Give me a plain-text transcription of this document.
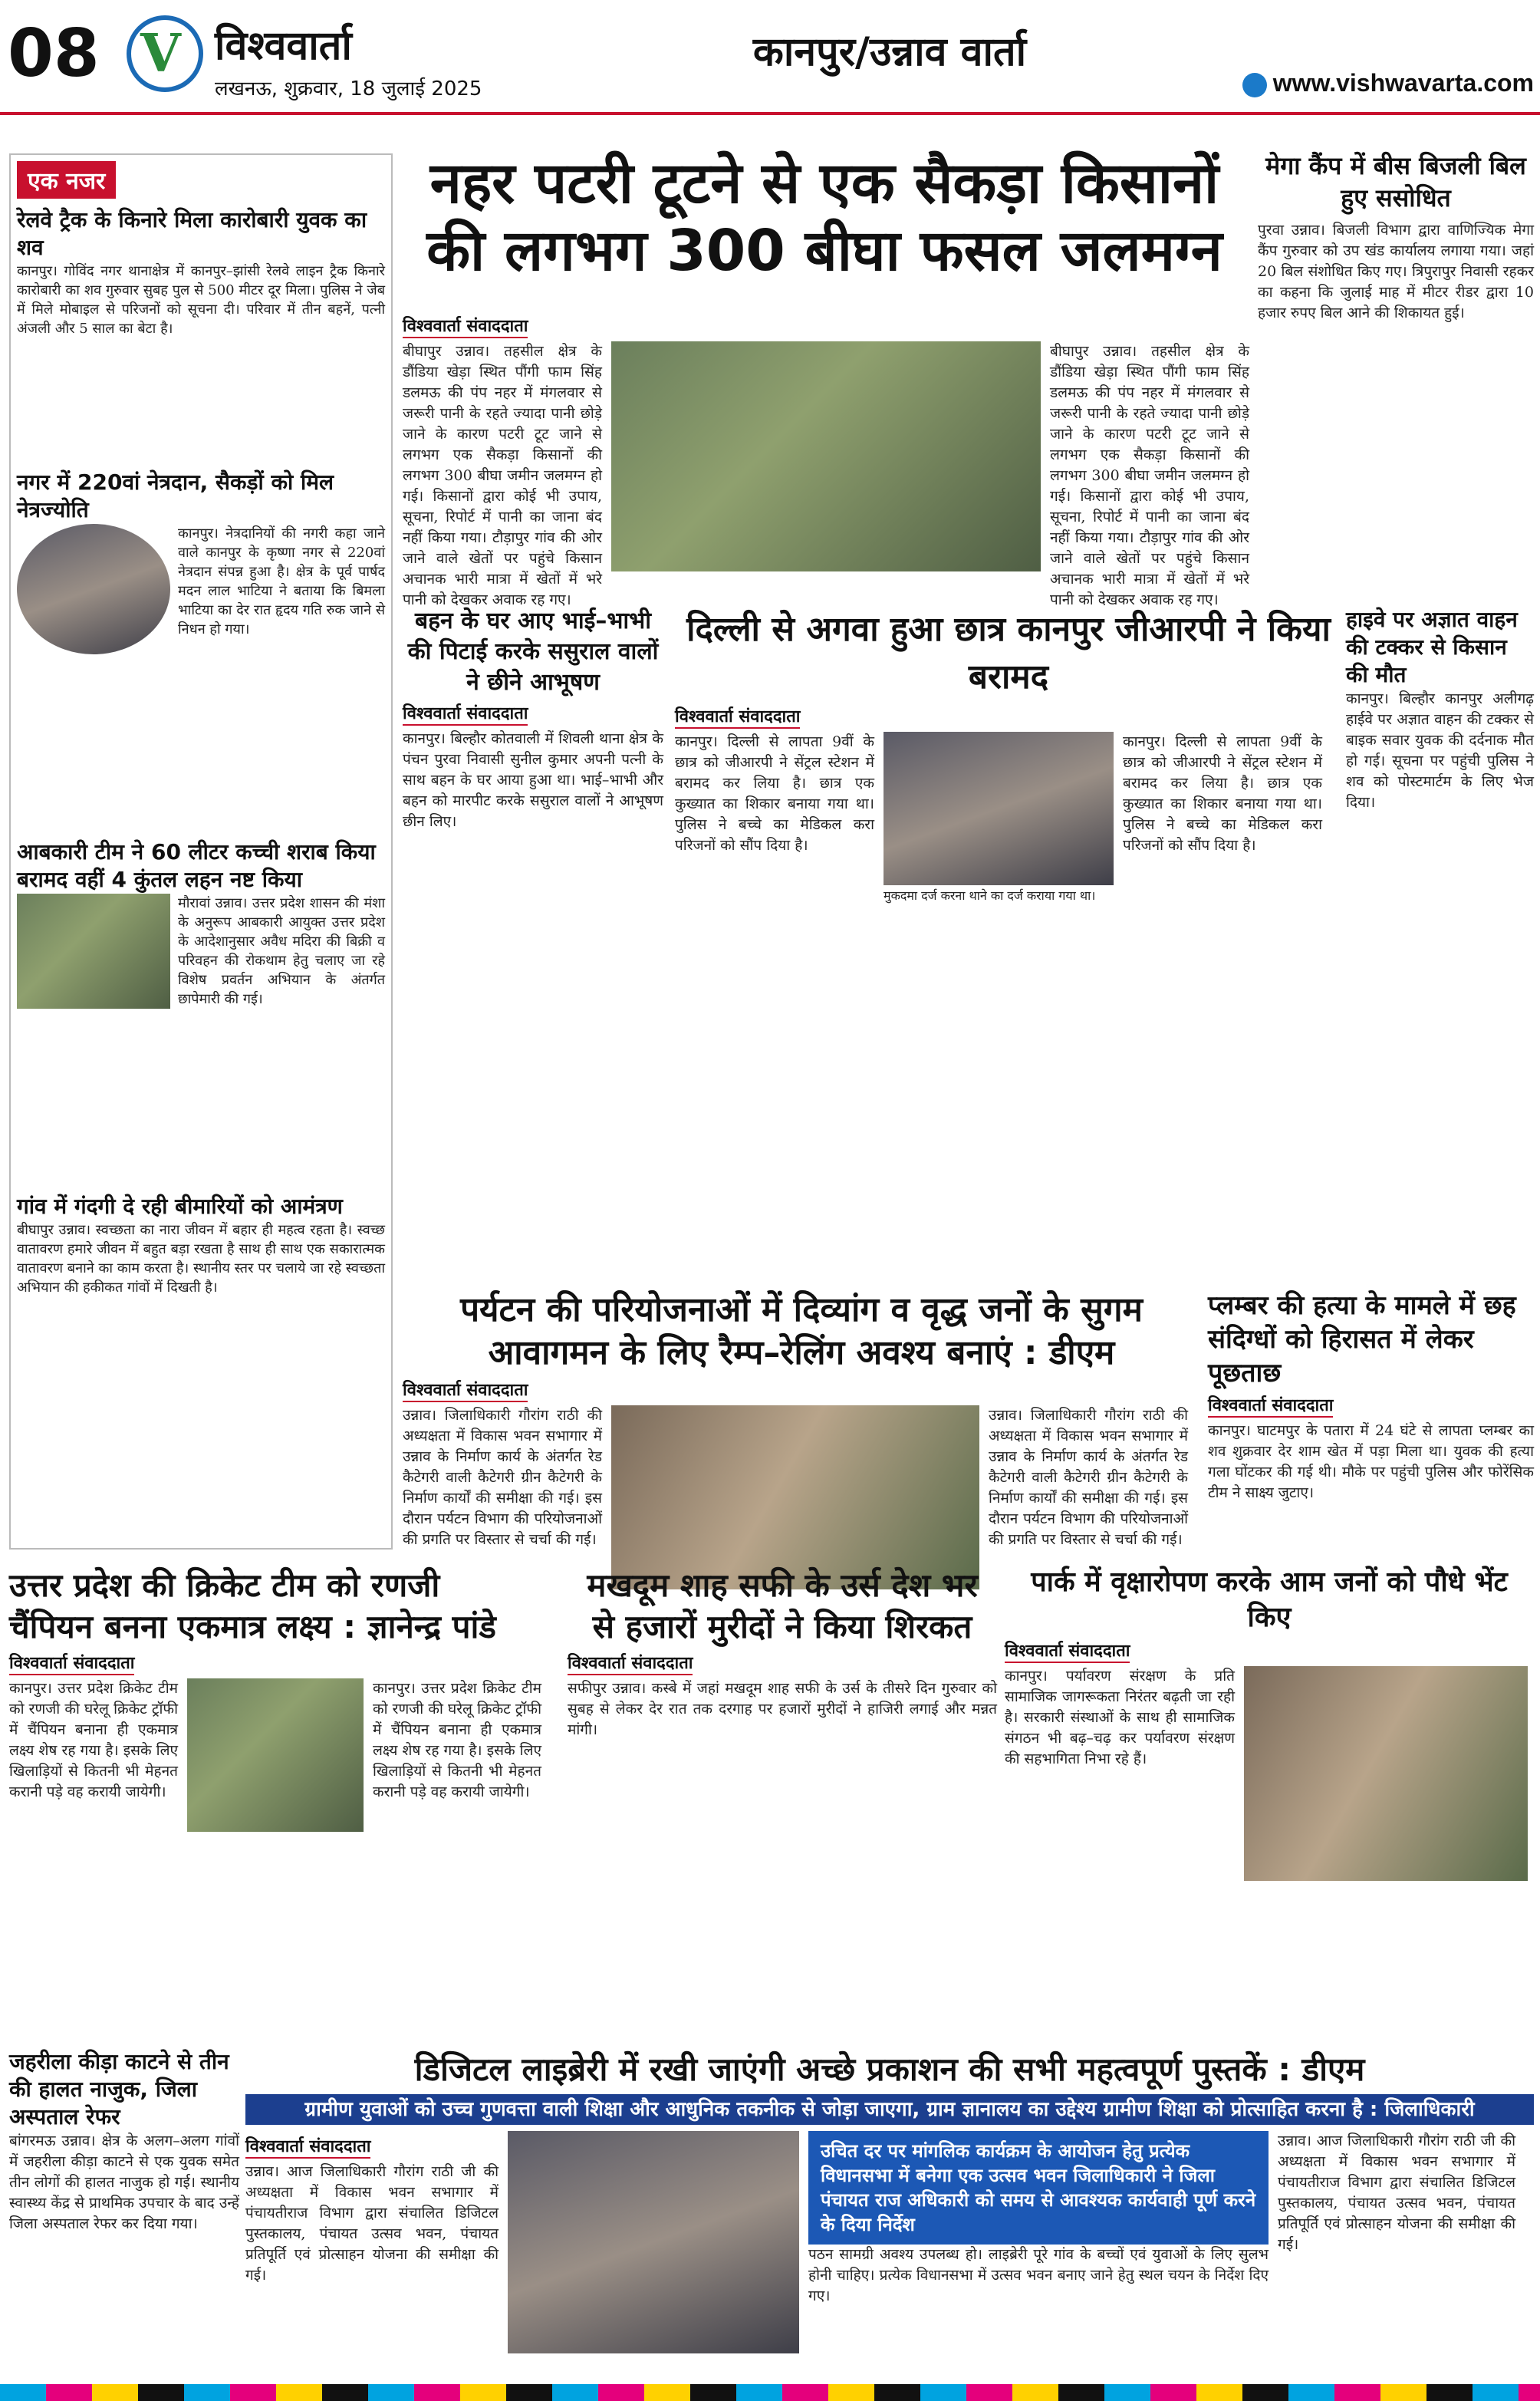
08 V विश्ववार्ता
लखनऊ, शुक्रवार, 18 जुलाई 2025
कानपुर/उन्नाव वार्ता
www.vishwavarta.com
एक नजर
रेलवे ट्रैक के किनारे मिला कारोबारी युवक का शव
कानपुर। गोविंद नगर थानाक्षेत्र में कानपुर–झांसी रेलवे लाइन ट्रैक किनारे कारोबारी का शव गुरुवार सुबह पुल से 500 मीटर दूर मिला। पुलिस ने जेब में मिले मोबाइल से परिजनों को सूचना दी। परिवार में तीन बहनें, पत्नी अंजली और 5 साल का बेटा है।
नगर में 220वां नेत्रदान, सैकड़ों को मिल नेत्रज्योति
कानपुर। नेत्रदानियों की नगरी कहा जाने वाले कानपुर के कृष्णा नगर से 220वां नेत्रदान संपन्न हुआ है। क्षेत्र के पूर्व पार्षद मदन लाल भाटिया ने बताया कि बिमला भाटिया का देर रात हृदय गति रुक जाने से निधन हो गया।
आबकारी टीम ने 60 लीटर कच्ची शराब किया बरामद वहीं 4 कुंतल लहन नष्ट किया
मौरावां उन्नाव। उत्तर प्रदेश शासन की मंशा के अनुरूप आबकारी आयुक्त उत्तर प्रदेश के आदेशानुसार अवैध मदिरा की बिक्री व परिवहन की रोकथाम हेतु चलाए जा रहे विशेष प्रवर्तन अभियान के अंतर्गत छापेमारी की गई।
गांव में गंदगी दे रही बीमारियों को आमंत्रण
बीघापुर उन्नाव। स्वच्छता का नारा जीवन में बहार ही महत्व रहता है। स्वच्छ वातावरण हमारे जीवन में बहुत बड़ा रखता है साथ ही साथ एक सकारात्मक वातावरण बनाने का काम करता है। स्थानीय स्तर पर चलाये जा रहे स्वच्छता अभियान की हकीकत गांवों में दिखती है।
नहर पटरी टूटने से एक सैकड़ा किसानों
की लगभग 300 बीघा फसल जलमग्न
विश्ववार्ता संवाददाता
बीघापुर उन्नाव। तहसील क्षेत्र के डौंडिया खेड़ा स्थित पौंगी फाम सिंह डलमऊ की पंप नहर में मंगलवार से जरूरी पानी के रहते ज्यादा पानी छोड़े जाने के कारण पटरी टूट जाने से लगभग एक सैकड़ा किसानों की लगभग 300 बीघा जमीन जलमग्न हो गई। किसानों द्वारा कोई भी उपाय, सूचना, रिपोर्ट में पानी का जाना बंद नहीं किया गया। टौड़ापुर गांव की ओर जाने वाले खेतों पर पहुंचे किसान अचानक भारी मात्रा में खेतों में भरे पानी को देखकर अवाक रह गए।
बीघापुर उन्नाव। तहसील क्षेत्र के डौंडिया खेड़ा स्थित पौंगी फाम सिंह डलमऊ की पंप नहर में मंगलवार से जरूरी पानी के रहते ज्यादा पानी छोड़े जाने के कारण पटरी टूट जाने से लगभग एक सैकड़ा किसानों की लगभग 300 बीघा जमीन जलमग्न हो गई। किसानों द्वारा कोई भी उपाय, सूचना, रिपोर्ट में पानी का जाना बंद नहीं किया गया। टौड़ापुर गांव की ओर जाने वाले खेतों पर पहुंचे किसान अचानक भारी मात्रा में खेतों में भरे पानी को देखकर अवाक रह गए।
मेगा कैंप में बीस बिजली बिल हुए ससोधित
पुरवा उन्नाव। बिजली विभाग द्वारा वाणिज्यिक मेगा कैंप गुरुवार को उप खंड कार्यालय लगाया गया। जहां 20 बिल संशोधित किए गए। त्रिपुरापुर निवासी रहकर का कहना कि जुलाई माह में मीटर रीडर द्वारा 10 हजार रुपए बिल आने की शिकायत हुई।
बहन के घर आए भाई–भाभी की पिटाई करके ससुराल वालों ने छीने आभूषण
विश्ववार्ता संवाददाता
कानपुर। बिल्हौर कोतवाली में शिवली थाना क्षेत्र के पंचन पुरवा निवासी सुनील कुमार अपनी पत्नी के साथ बहन के घर आया हुआ था। भाई–भाभी और बहन को मारपीट करके ससुराल वालों ने आभूषण छीन लिए।
दिल्ली से अगवा हुआ छात्र कानपुर जीआरपी ने किया बरामद
विश्ववार्ता संवाददाता
कानपुर। दिल्ली से लापता 9वीं के छात्र को जीआरपी ने सेंट्रल स्टेशन में बरामद कर लिया है। छात्र एक कुख्यात का शिकार बनाया गया था। पुलिस ने बच्चे का मेडिकल करा परिजनों को सौंप दिया है।
मुकदमा दर्ज करना थाने का दर्ज कराया गया था।
कानपुर। दिल्ली से लापता 9वीं के छात्र को जीआरपी ने सेंट्रल स्टेशन में बरामद कर लिया है। छात्र एक कुख्यात का शिकार बनाया गया था। पुलिस ने बच्चे का मेडिकल करा परिजनों को सौंप दिया है।
हाइवे पर अज्ञात वाहन की टक्कर से किसान की मौत
कानपुर। बिल्हौर कानपुर अलीगढ़ हाईवे पर अज्ञात वाहन की टक्कर से बाइक सवार युवक की दर्दनाक मौत हो गई। सूचना पर पहुंची पुलिस ने शव को पोस्टमार्टम के लिए भेज दिया।
पर्यटन की परियोजनाओं में दिव्यांग व वृद्ध जनों के सुगम
आवागमन के लिए रैम्प–रेलिंग अवश्य बनाएं : डीएम
विश्ववार्ता संवाददाता
उन्नाव। जिलाधिकारी गौरांग राठी की अध्यक्षता में विकास भवन सभागार में उन्नाव के निर्माण कार्य के अंतर्गत रेड कैटेगरी वाली कैटेगरी ग्रीन कैटेगरी के निर्माण कार्यों की समीक्षा की गई। इस दौरान पर्यटन विभाग की परियोजनाओं की प्रगति पर विस्तार से चर्चा की गई।
उन्नाव। जिलाधिकारी गौरांग राठी की अध्यक्षता में विकास भवन सभागार में उन्नाव के निर्माण कार्य के अंतर्गत रेड कैटेगरी वाली कैटेगरी ग्रीन कैटेगरी के निर्माण कार्यों की समीक्षा की गई। इस दौरान पर्यटन विभाग की परियोजनाओं की प्रगति पर विस्तार से चर्चा की गई।
प्लम्बर की हत्या के मामले में छह संदिग्धों को हिरासत में लेकर पूछताछ
विश्ववार्ता संवाददाता
कानपुर। घाटमपुर के पतारा में 24 घंटे से लापता प्लम्बर का शव शुक्रवार देर शाम खेत में पड़ा मिला था। युवक की हत्या गला घोंटकर की गई थी। मौके पर पहुंची पुलिस और फोरेंसिक टीम ने साक्ष्य जुटाए।
उत्तर प्रदेश की क्रिकेट टीम को रणजी
चैंपियन बनना एकमात्र लक्ष्य : ज्ञानेन्द्र पांडे
विश्ववार्ता संवाददाता
कानपुर। उत्तर प्रदेश क्रिकेट टीम को रणजी की घरेलू क्रिकेट ट्रॉफी में चैंपियन बनाना ही एकमात्र लक्ष्य शेष रह गया है। इसके लिए खिलाड़ियों से कितनी भी मेहनत करानी पड़े वह करायी जायेगी।
कानपुर। उत्तर प्रदेश क्रिकेट टीम को रणजी की घरेलू क्रिकेट ट्रॉफी में चैंपियन बनाना ही एकमात्र लक्ष्य शेष रह गया है। इसके लिए खिलाड़ियों से कितनी भी मेहनत करानी पड़े वह करायी जायेगी।
मखदूम शाह सफी के उर्स देश भर
से हजारों मुरीदों ने किया शिरकत
विश्ववार्ता संवाददाता
सफीपुर उन्नाव। कस्बे में जहां मखदूम शाह सफी के उर्स के तीसरे दिन गुरुवार को सुबह से लेकर देर रात तक दरगाह पर हजारों मुरीदों ने हाजिरी लगाई और मन्नत मांगी।
पार्क में वृक्षारोपण करके आम जनों को पौधे भेंट किए
विश्ववार्ता संवाददाता
कानपुर। पर्यावरण संरक्षण के प्रति सामाजिक जागरूकता निरंतर बढ़ती जा रही है। सरकारी संस्थाओं के साथ ही सामाजिक संगठन भी बढ़–चढ़ कर पर्यावरण संरक्षण की सहभागिता निभा रहे हैं।
जहरीला कीड़ा काटने से तीन की हालत नाजुक, जिला अस्पताल रेफर
बांगरमऊ उन्नाव। क्षेत्र के अलग–अलग गांवों में जहरीला कीड़ा काटने से एक युवक समेत तीन लोगों की हालत नाजुक हो गई। स्थानीय स्वास्थ्य केंद्र से प्राथमिक उपचार के बाद उन्हें जिला अस्पताल रेफर कर दिया गया।
डिजिटल लाइब्रेरी में रखी जाएंगी अच्छे प्रकाशन की सभी महत्वपूर्ण पुस्तकें : डीएम
ग्रामीण युवाओं को उच्च गुणवत्ता वाली शिक्षा और आधुनिक तकनीक से जोड़ा जाएगा, ग्राम ज्ञानालय का उद्देश्य ग्रामीण शिक्षा को प्रोत्साहित करना है : जिलाधिकारी
विश्ववार्ता संवाददाता
उन्नाव। आज जिलाधिकारी गौरांग राठी जी की अध्यक्षता में विकास भवन सभागार में पंचायतीराज विभाग द्वारा संचालित डिजिटल पुस्तकालय, पंचायत उत्सव भवन, पंचायत प्रतिपूर्ति एवं प्रोत्साहन योजना की समीक्षा की गई।
उचित दर पर मांगलिक कार्यक्रम के आयोजन हेतु प्रत्येक विधानसभा में बनेगा एक उत्सव भवन जिलाधिकारी ने जिला पंचायत राज अधिकारी को समय से आवश्यक कार्यवाही पूर्ण करने के दिया निर्देश
पठन सामग्री अवश्य उपलब्ध हो। लाइब्रेरी पूरे गांव के बच्चों एवं युवाओं के लिए सुलभ होनी चाहिए। प्रत्येक विधानसभा में उत्सव भवन बनाए जाने हेतु स्थल चयन के निर्देश दिए गए।
उन्नाव। आज जिलाधिकारी गौरांग राठी जी की अध्यक्षता में विकास भवन सभागार में पंचायतीराज विभाग द्वारा संचालित डिजिटल पुस्तकालय, पंचायत उत्सव भवन, पंचायत प्रतिपूर्ति एवं प्रोत्साहन योजना की समीक्षा की गई।
